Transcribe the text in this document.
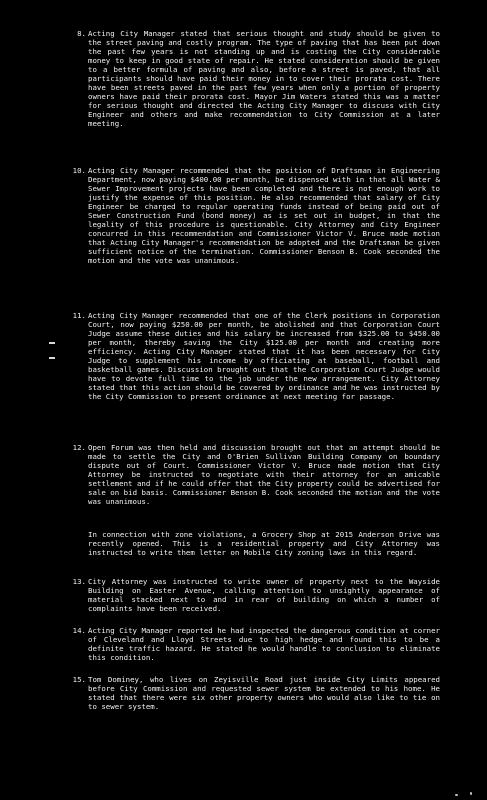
8. Acting City Manager stated that serious thought and study should be given to the street paving and costly program. The type of paving that has been put down the past few years is not standing up and is costing the City considerable money to keep in good state of repair. He stated consideration should be given to a better formula of paving and also, before a street is paved, that all participants should have paid their money in to cover their prorata cost. There have been streets paved in the past few years when only a portion of property owners have paid their prorata cost. Mayor Jim Waters stated this was a matter for serious thought and directed the Acting City Manager to discuss with City Engineer and others and make recommendation to City Commission at a later meeting.
10. Acting City Manager recommended that the position of Draftsman in Engineering Department, now paying $400.00 per month, be dispensed with in that all Water & Sewer Improvement projects have been completed and there is not enough work to justify the expense of this position. He also recommended that salary of City Engineer be charged to regular operating funds instead of being paid out of Sewer Construction Fund (bond money) as is set out in budget, in that the legality of this procedure is questionable. City Attorney and City Engineer concurred in this recommendation and Commissioner Victor V. Bruce made motion that Acting City Manager's recommendation be adopted and the Draftsman be given sufficient notice of the termination. Commissioner Benson B. Cook seconded the motion and the vote was unanimous.
11. Acting City Manager recommended that one of the Clerk positions in Corporation Court, now paying $250.00 per month, be abolished and that Corporation Court Judge assume these duties and his salary be increased from $325.00 to $450.00 per month, thereby saving the City $125.00 per month and creating more efficiency. Acting City Manager stated that it has been necessary for City Judge to supplement his income by officiating at baseball, football and basketball games. Discussion brought out that the Corporation Court Judge would have to devote full time to the job under the new arrangement. City Attorney stated that this action should be covered by ordinance and he was instructed by the City Commission to present ordinance at next meeting for passage.
12. Open Forum was then held and discussion brought out that an attempt should be made to settle the City and O'Brien Sullivan Building Company on boundary dispute out of Court. Commissioner Victor V. Bruce made motion that City Attorney be instructed to negotiate with their attorney for an amicable settlement and if he could offer that the City property could be advertised for sale on bid basis. Commissioner Benson B. Cook seconded the motion and the vote was unanimous.
In connection with zone violations, a Grocery Shop at 2015 Anderson Drive was recently opened. This is a residential property and City Attorney was instructed to write them letter on Mobile City zoning laws in this regard.
13. City Attorney was instructed to write owner of property next to the Wayside Building on Easter Avenue, calling attention to unsightly appearance of material stacked next to and in rear of building on which a number of complaints have been received.
14. Acting City Manager reported he had inspected the dangerous condition at corner of Cleveland and Lloyd Streets due to high hedge and found this to be a definite traffic hazard. He stated he would handle to conclusion to eliminate this condition.
15. Tom Dominey, who lives on Zeyisville Road just inside City Limits appeared before City Commission and requested sewer system be extended to his home. He stated that there were six other property owners who would also like to tie on to sewer system.
